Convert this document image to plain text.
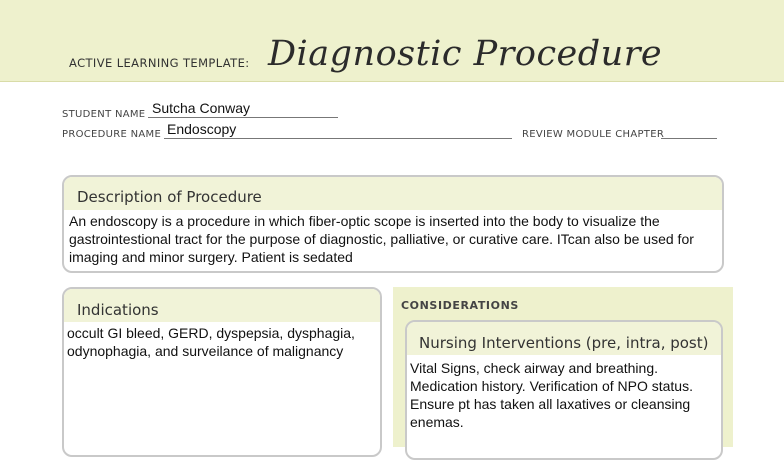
ACTIVE LEARNING TEMPLATE: Diagnostic Procedure
STUDENT NAME Sutcha Conway
PROCEDURE NAME Endoscopy	REVIEW MODULE CHAPTER
Description of Procedure
An endoscopy is a procedure in which fiber-optic scope is inserted into the body to visualize the gastrointestional tract for the purpose of diagnostic, palliative, or curative care. ITcan also be used for imaging and minor surgery. Patient is sedated
Indications
occult GI bleed, GERD, dyspepsia, dysphagia, odynophagia, and surveilance of malignancy
CONSIDERATIONS
Nursing Interventions (pre, intra, post)
Vital Signs, check airway and breathing. Medication history. Verification of NPO status.
Ensure pt has taken all laxatives or cleansing enemas.
